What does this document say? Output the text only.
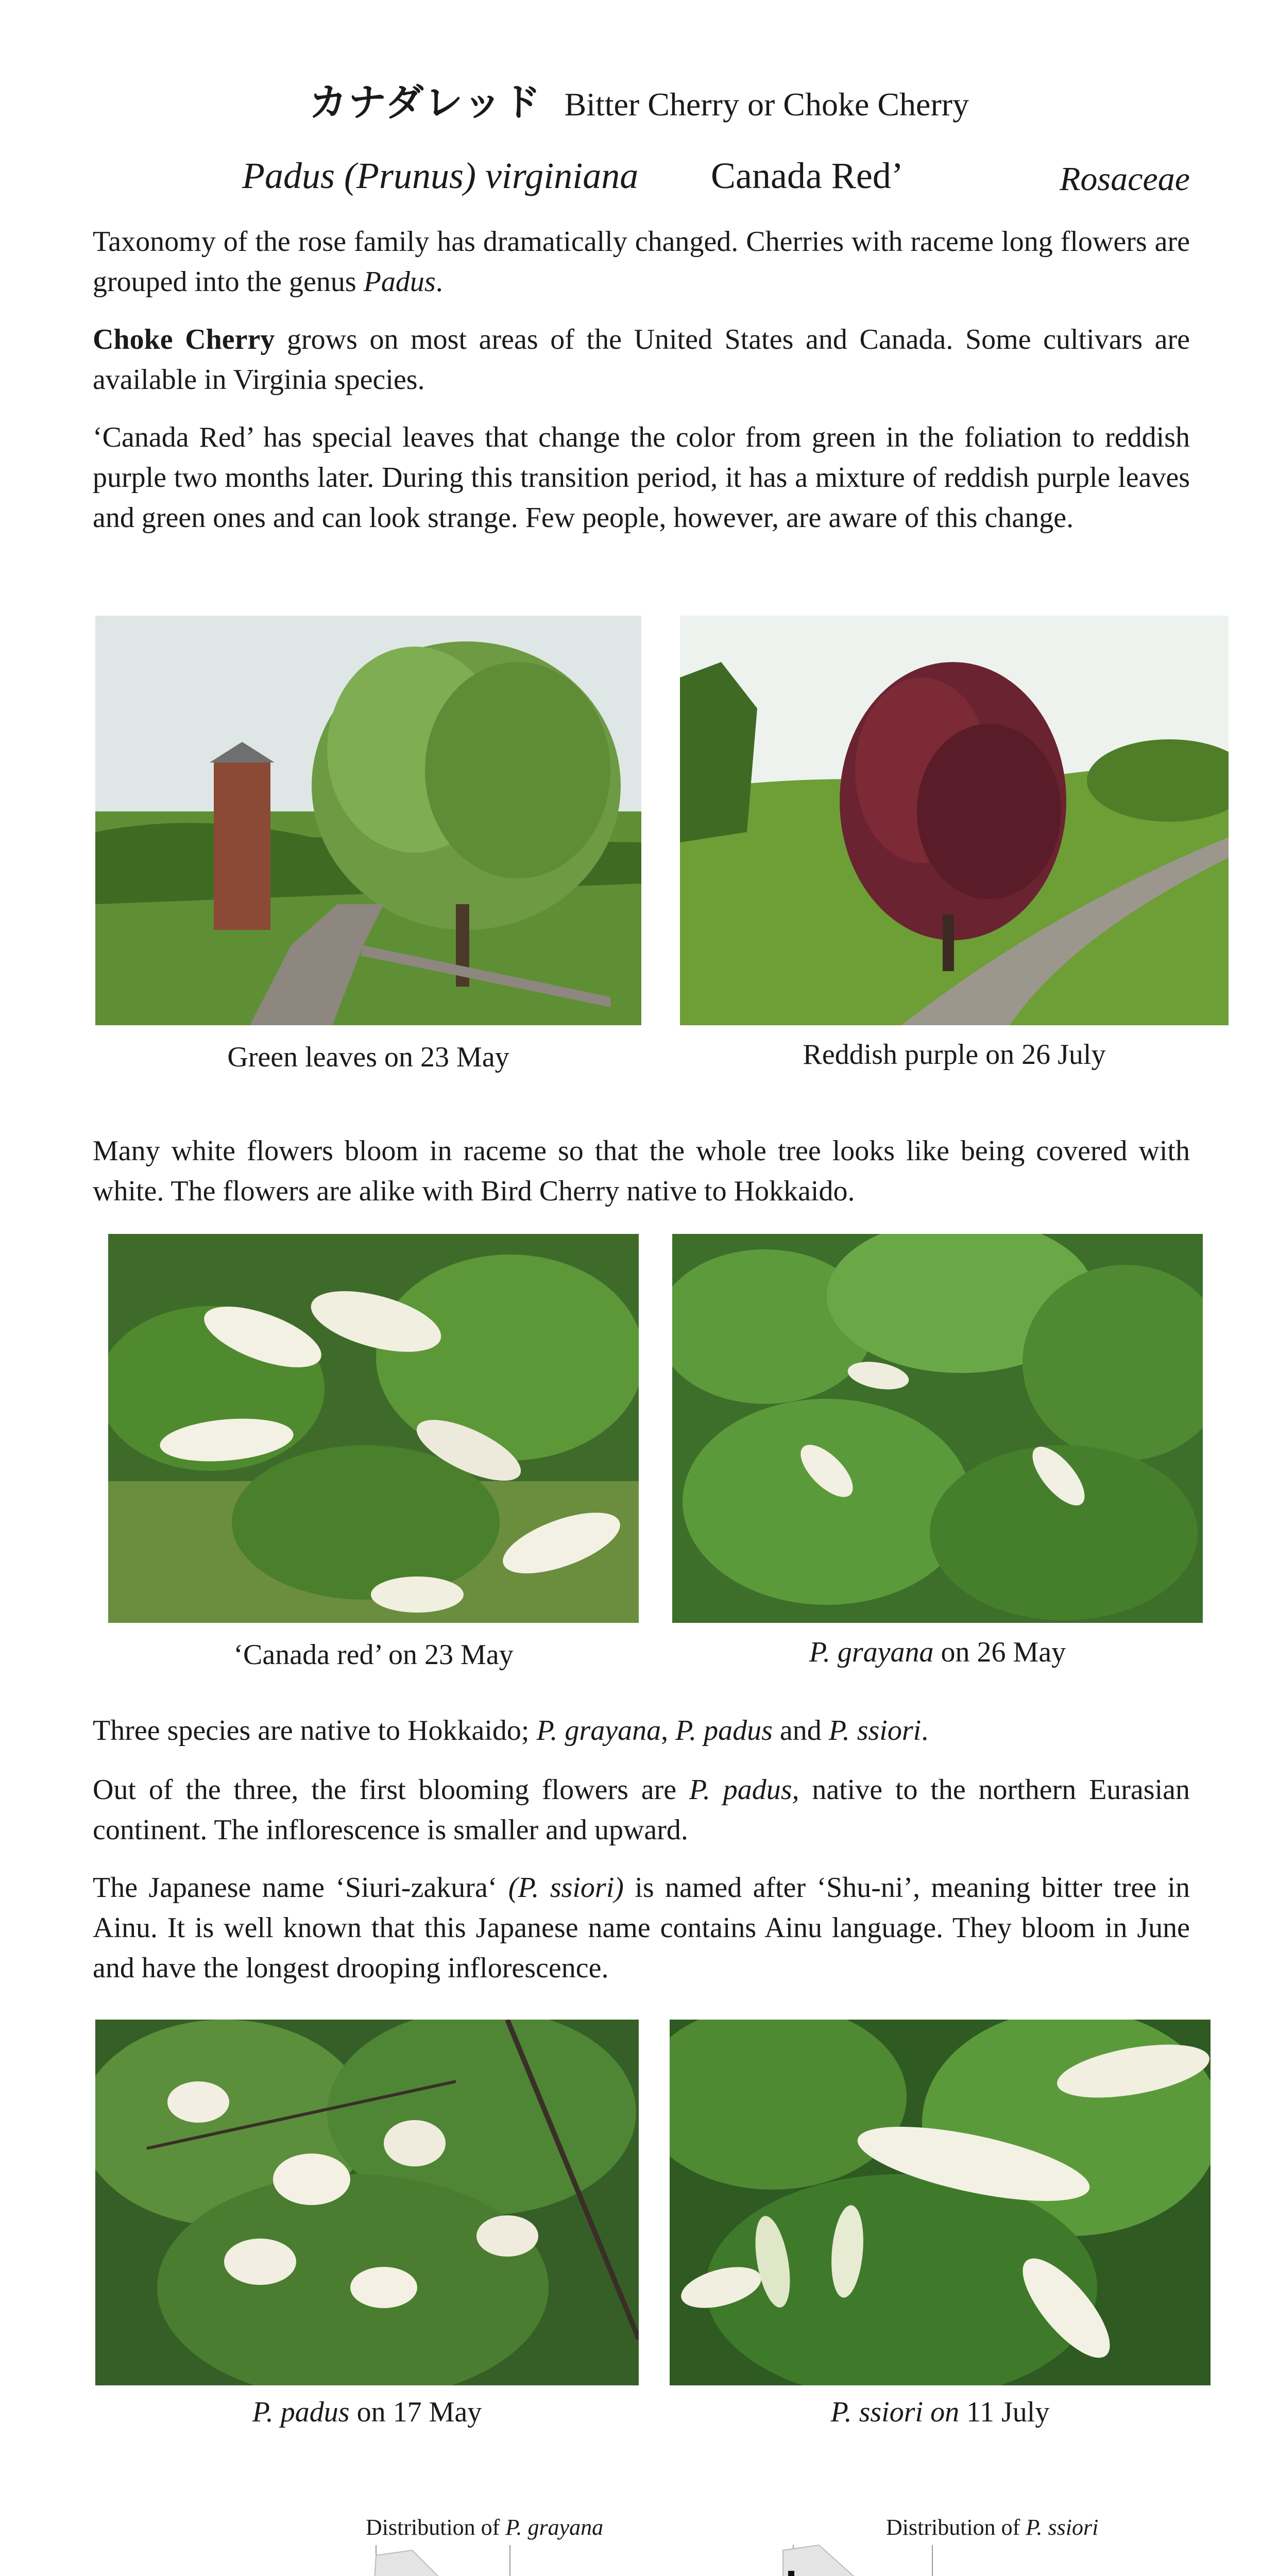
カナダレッド Bitter Cherry or Choke Cherry
Padus (Prunus) virginiana Canada Red’	Rosaceae

Taxonomy of the rose family has dramatically changed. Cherries with raceme long flowers are grouped into the genus Padus.

Choke Cherry grows on most areas of the United States and Canada. Some cultivars are available in Virginia species.

‘Canada Red’ has special leaves that change the color from green in the foliation to reddish purple two months later. During this transition period, it has a mixture of reddish purple leaves and green ones and can look strange. Few people, however, are aware of this change.

Green leaves on 23 May	Reddish purple on 26 July

Many white flowers bloom in raceme so that the whole tree looks like being covered with white. The flowers are alike with Bird Cherry native to Hokkaido.

‘Canada red’ on 23 May	P. grayana on 26 May

Three species are native to Hokkaido; P. grayana, P. padus and P. ssiori.

Out of the three, the first blooming flowers are P. padus, native to the northern Eurasian continent. The inflorescence is smaller and upward.

The Japanese name ‘Siuri-zakura‘ (P. ssiori) is named after ‘Shu-ni’, meaning bitter tree in Ainu. It is well known that this Japanese name contains Ainu language. They bloom in June and have the longest drooping inflorescence.

P. padus on 17 May	P. ssiori on 11 July
Distribution of P. grayana	Distribution of P. ssiori
